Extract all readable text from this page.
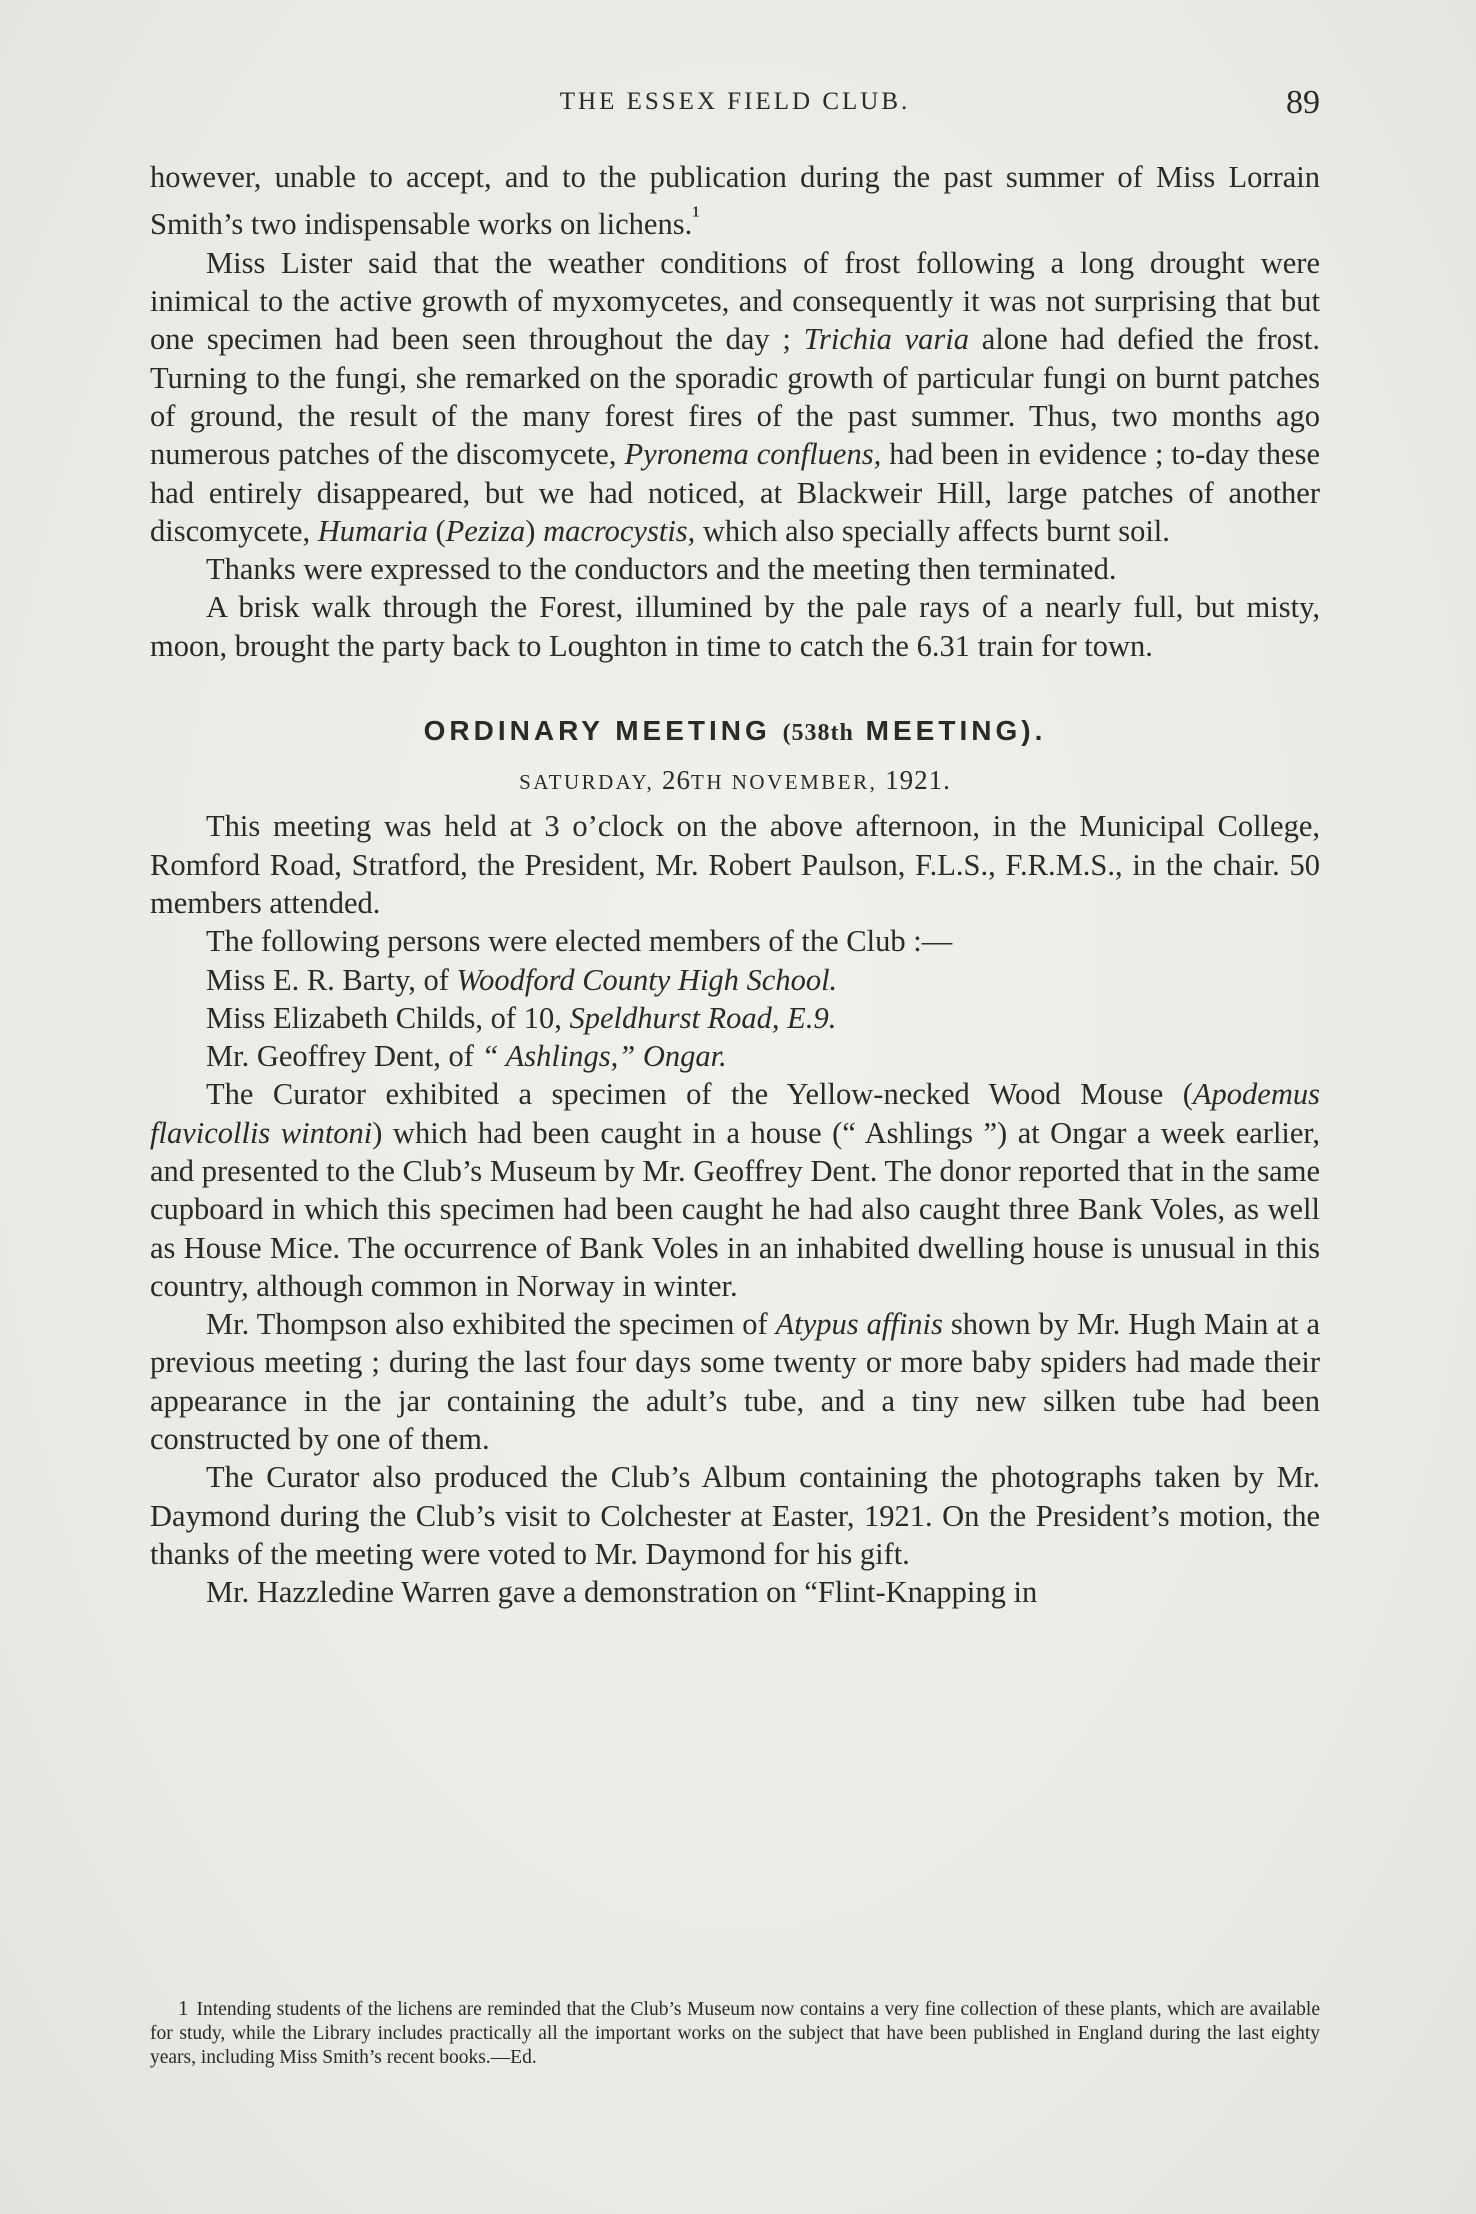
THE ESSEX FIELD CLUB.	89

however, unable to accept, and to the publication during the past summer of Miss Lorrain Smith’s two indispensable works on lichens.$^{^1}$

Miss Lister said that the weather conditions of frost following a long drought were inimical to the active growth of myxomycetes, and consequently it was not surprising that but one specimen had been seen throughout the day ; Trichia varia alone had defied the frost. Turning to the fungi, she remarked on the sporadic growth of particular fungi on burnt patches of ground, the result of the many forest fires of the past summer. Thus, two months ago numerous patches of the discomycete, Pyronema confluens, had been in evidence ; to-day these had entirely disappeared, but we had noticed, at Blackweir Hill, large patches of another discomycete, Humaria (Peziza) macrocystis, which also specially affects burnt soil.

Thanks were expressed to the conductors and the meeting then terminated.

A brisk walk through the Forest, illumined by the pale rays of a nearly full, but misty, moon, brought the party back to Loughton in time to catch the 6.31 train for town.

ORDINARY MEETING (538th MEETING).

SATURDAY, 26TH NOVEMBER, 1921.

This meeting was held at 3 o’clock on the above afternoon, in the Municipal College, Romford Road, Stratford, the President, Mr. Robert Paulson, F.L.S., F.R.M.S., in the chair. 50 members attended.

The following persons were elected members of the Club :—

Miss E. R. Barty, of Woodford County High School.

Miss Elizabeth Childs, of 10, Speldhurst Road, E.9.

Mr. Geoffrey Dent, of “ Ashlings,” Ongar.

The Curator exhibited a specimen of the Yellow-necked Wood Mouse (Apodemus flavicollis wintoni) which had been caught in a house (“ Ashlings ”) at Ongar a week earlier, and presented to the Club’s Museum by Mr. Geoffrey Dent. The donor reported that in the same cupboard in which this specimen had been caught he had also caught three Bank Voles, as well as House Mice. The occurrence of Bank Voles in an inhabited dwelling house is unusual in this country, although common in Norway in winter.

Mr. Thompson also exhibited the specimen of Atypus affinis shown by Mr. Hugh Main at a previous meeting ; during the last four days some twenty or more baby spiders had made their appearance in the jar containing the adult’s tube, and a tiny new silken tube had been constructed by one of them.

The Curator also produced the Club’s Album containing the photographs taken by Mr. Daymond during the Club’s visit to Colchester at Easter, 1921. On the President’s motion, the thanks of the meeting were voted to Mr. Daymond for his gift.

Mr. Hazzledine Warren gave a demonstration on “Flint-Knapping in

1 Intending students of the lichens are reminded that the Club’s Museum now contains a very fine collection of these plants, which are available for study, while the Library includes practically all the important works on the subject that have been published in England during the last eighty years, including Miss Smith’s recent books.—Ed.
